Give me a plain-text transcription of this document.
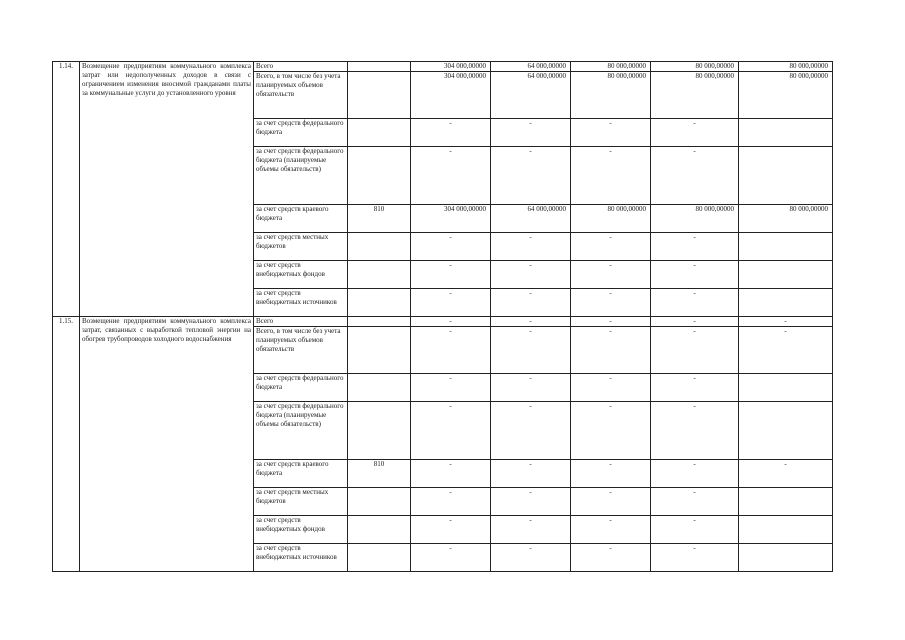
1.14.	Возмещение предприятиям коммунального комплекса затрат или недополученных доходов в связи с ограничением изменения вносимой гражданами платы за коммунальные услуги до установленного уровня	Всего		304 000,00000	64 000,00000	80 000,00000	80 000,00000	80 000,00000
		Всего, в том числе без учета планируемых объемов обязательств		304 000,00000	64 000,00000	80 000,00000	80 000,00000	80 000,00000
		за счет средств федерального бюджета		-	-	-	-	
		за счет средств федерального бюджета (планируемые объемы обязательств)		-	-	-	-	
		за счет средств краевого бюджета	810	304 000,00000	64 000,00000	80 000,00000	80 000,00000	80 000,00000
		за счет средств местных бюджетов		-	-	-	-	
		за счет средств внебюджетных фондов		-	-	-	-	
		за счет средств внебюджетных источников		-	-	-	-	
1.15.	Возмещение предприятиям коммунального комплекса затрат, связанных с выработкой тепловой энергии на обогрев трубопроводов холодного водоснабжения	Всего		-	-	-	-	-
		Всего, в том числе без учета планируемых объемов обязательств		-	-	-	-	-
		за счет средств федерального бюджета		-	-	-	-	
		за счет средств федерального бюджета (планируемые объемы обязательств)		-	-	-	-	
		за счет средств краевого бюджета	810	-	-	-	-	-
		за счет средств местных бюджетов		-	-	-	-	
		за счет средств внебюджетных фондов		-	-	-	-	
		за счет средств внебюджетных источников		-	-	-	-	
